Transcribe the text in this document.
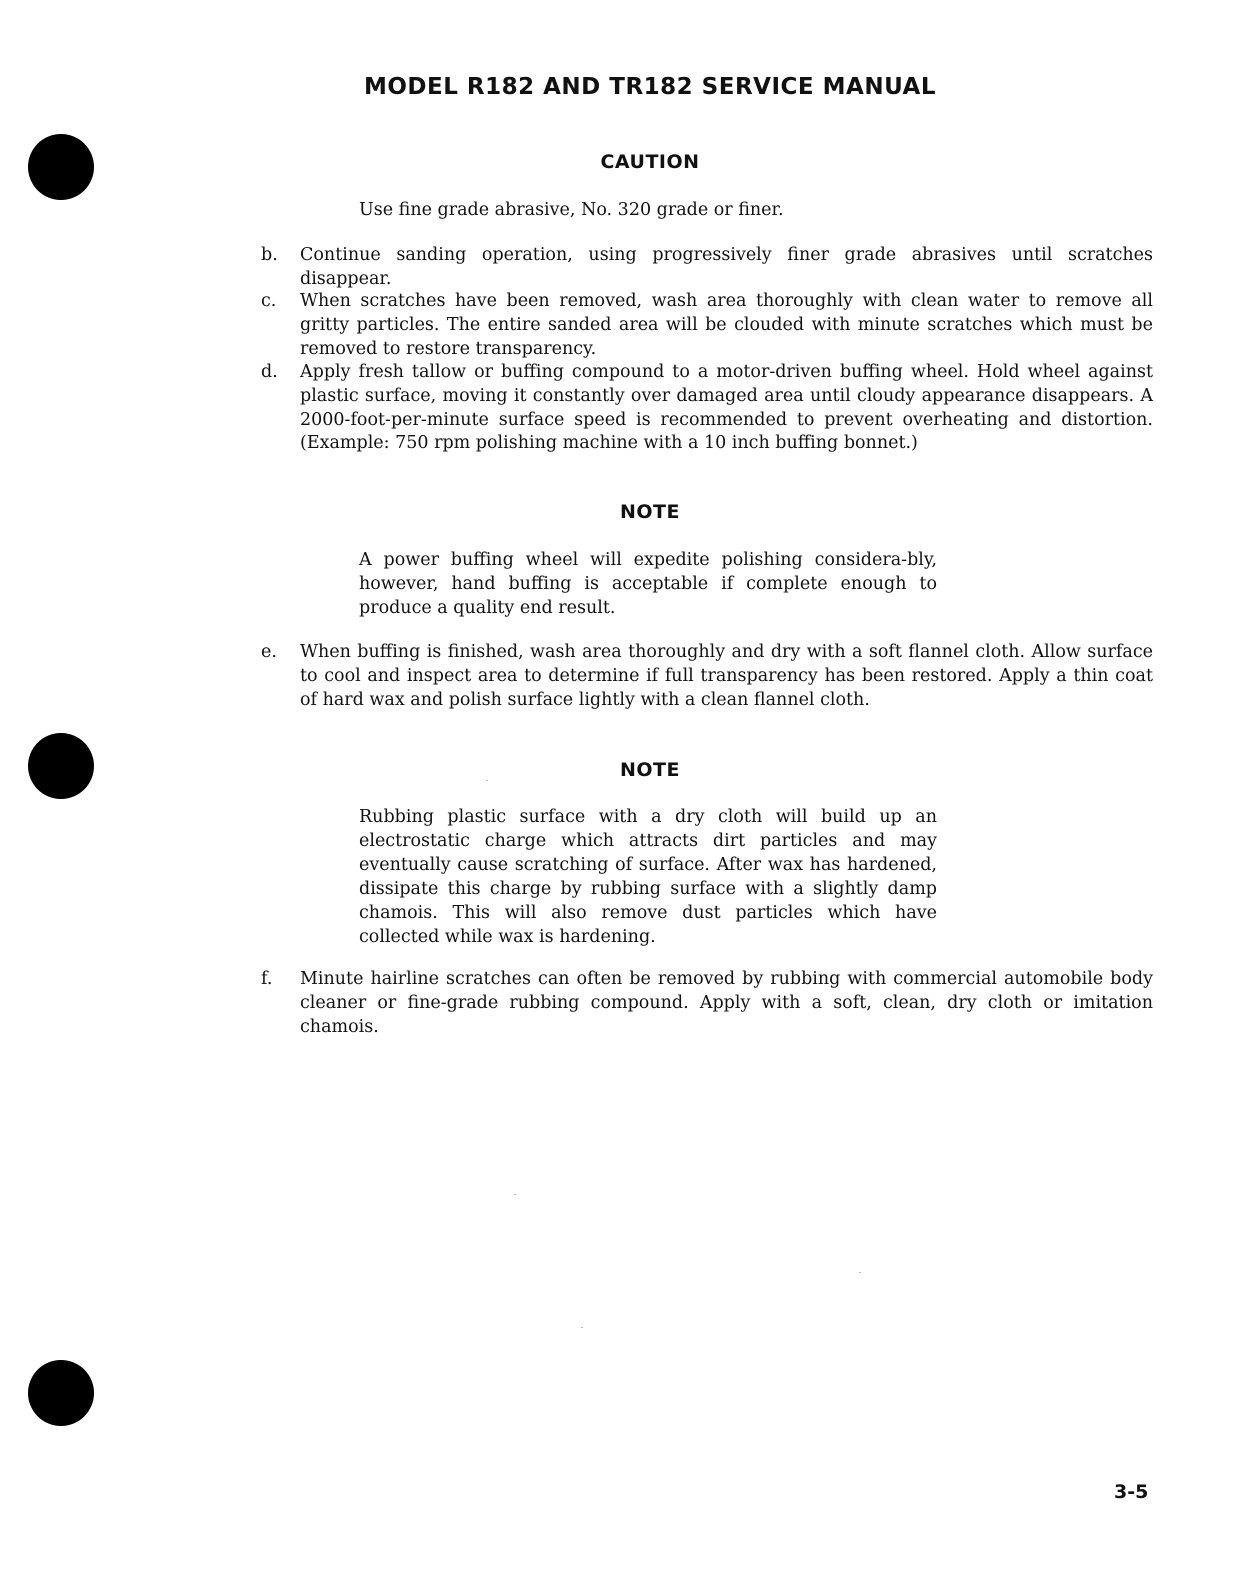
MODEL R182 AND TR182 SERVICE MANUAL
CAUTION
Use fine grade abrasive, No. 320 grade or finer.
b.	Continue sanding operation, using progressively finer grade abrasives until scratches disappear.
c.	When scratches have been removed, wash area thoroughly with clean water to remove all gritty particles. The entire sanded area will be clouded with minute scratches which must be removed to restore transparency.
d.	Apply fresh tallow or buffing compound to a motor-driven buffing wheel. Hold wheel against plastic surface, moving it constantly over damaged area until cloudy appearance disappears. A 2000-foot-per-minute surface speed is recommended to prevent overheating and distortion. (Example: 750 rpm polishing machine with a 10 inch buffing bonnet.)
NOTE
A power buffing wheel will expedite polishing considera-bly, however, hand buffing is acceptable if complete enough to produce a quality end result.
e.	When buffing is finished, wash area thoroughly and dry with a soft flannel cloth. Allow surface to cool and inspect area to determine if full transparency has been restored. Apply a thin coat of hard wax and polish surface lightly with a clean flannel cloth.
NOTE
Rubbing plastic surface with a dry cloth will build up an electrostatic charge which attracts dirt particles and may eventually cause scratching of surface. After wax has hardened, dissipate this charge by rubbing surface with a slightly damp chamois. This will also remove dust particles which have collected while wax is hardening.
f.	Minute hairline scratches can often be removed by rubbing with commercial automobile body cleaner or fine-grade rubbing compound. Apply with a soft, clean, dry cloth or imitation chamois.
3-5
